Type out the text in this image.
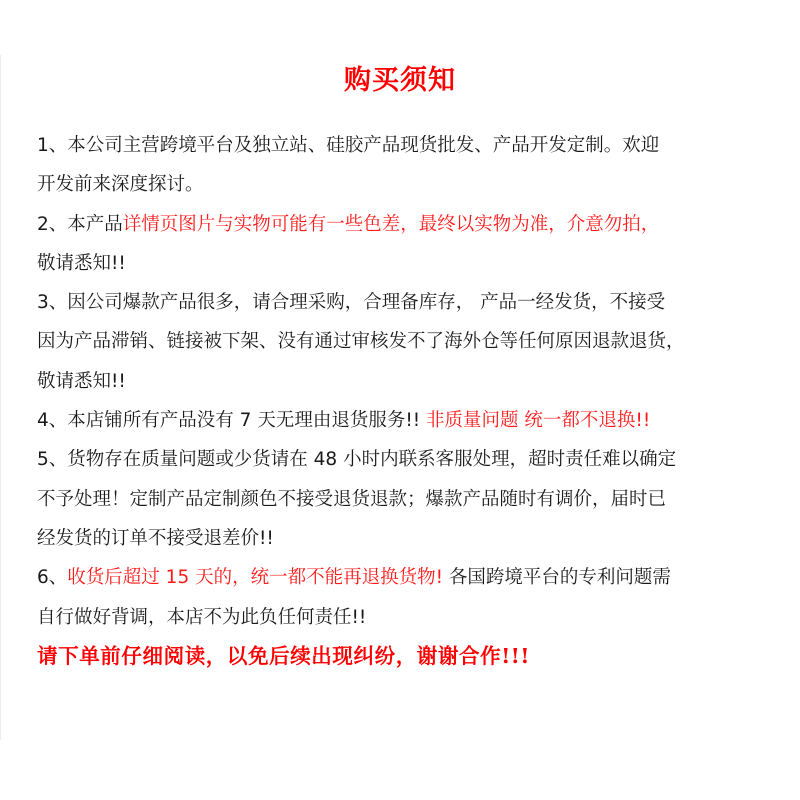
购买须知
1、本公司主营跨境平台及独立站、硅胶产品现货批发、产品开发定制。欢迎
开发前来深度探讨。
2、本产品详情页图片与实物可能有一些色差，最终以实物为准，介意勿拍，
敬请悉知!!
3、因公司爆款产品很多，请合理采购，合理备库存， 产品一经发货，不接受
因为产品滞销、链接被下架、没有通过审核发不了海外仓等任何原因退款退货，
敬请悉知!!
4、本店铺所有产品没有 7 天无理由退货服务!! 非质量问题 统一都不退换!!
5、货物存在质量问题或少货请在 48 小时内联系客服处理，超时责任难以确定
不予处理！定制产品定制颜色不接受退货退款；爆款产品随时有调价，届时已
经发货的订单不接受退差价!!
6、收货后超过 15 天的，统一都不能再退换货物! 各国跨境平台的专利问题需
自行做好背调，本店不为此负任何责任!!
请下单前仔细阅读，以免后续出现纠纷，谢谢合作!!!
